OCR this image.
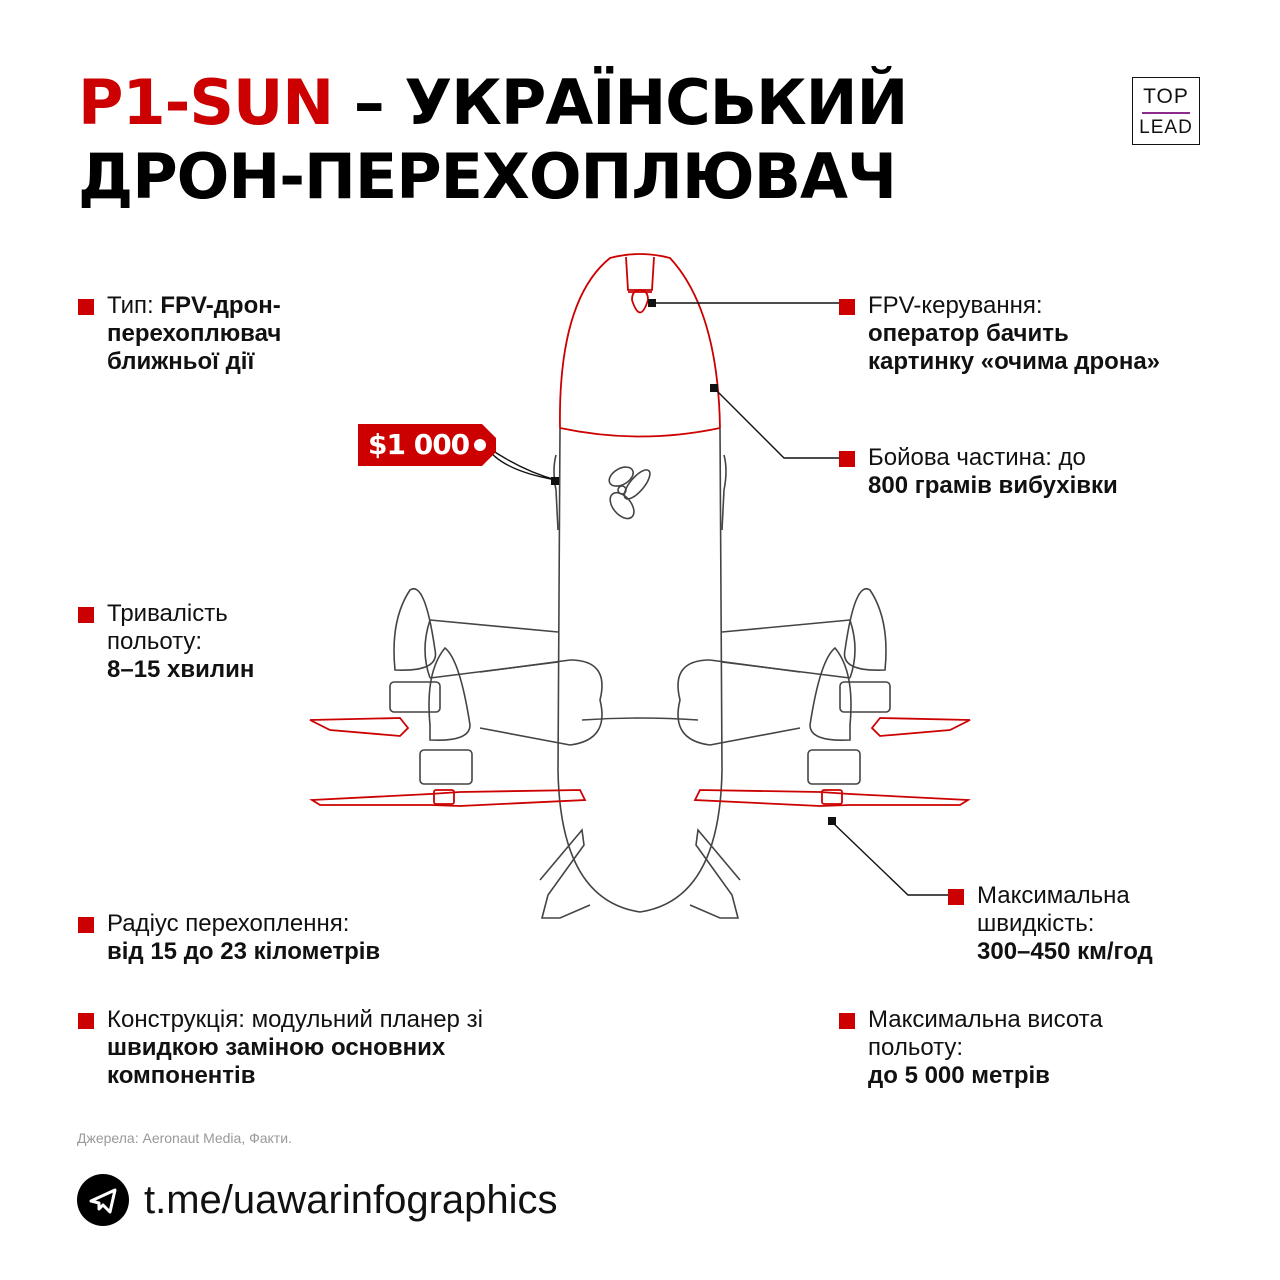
P1-SUN – УКРАЇНСЬКИЙ
ДРОН-ПЕРЕХОПЛЮВАЧ
TOP
LEAD
$1 000
Тип: FPV-дрон-перехоплювач ближньої дії
FPV-керування:
оператор бачить картинку «очима дрона»
Бойова частина: до
800 грамів вибухівки
Тривалість польоту:
8–15 хвилин
Максимальна швидкість:
300–450 км/год
Радіус перехоплення:
від 15 до 23 кілометрів
Конструкція: модульний планер зі швидкою заміною основних компонентів
Максимальна висота польоту:
до 5 000 метрів
Джерела: Aeronaut Media, Факти.
t.me/uawarinfographics
